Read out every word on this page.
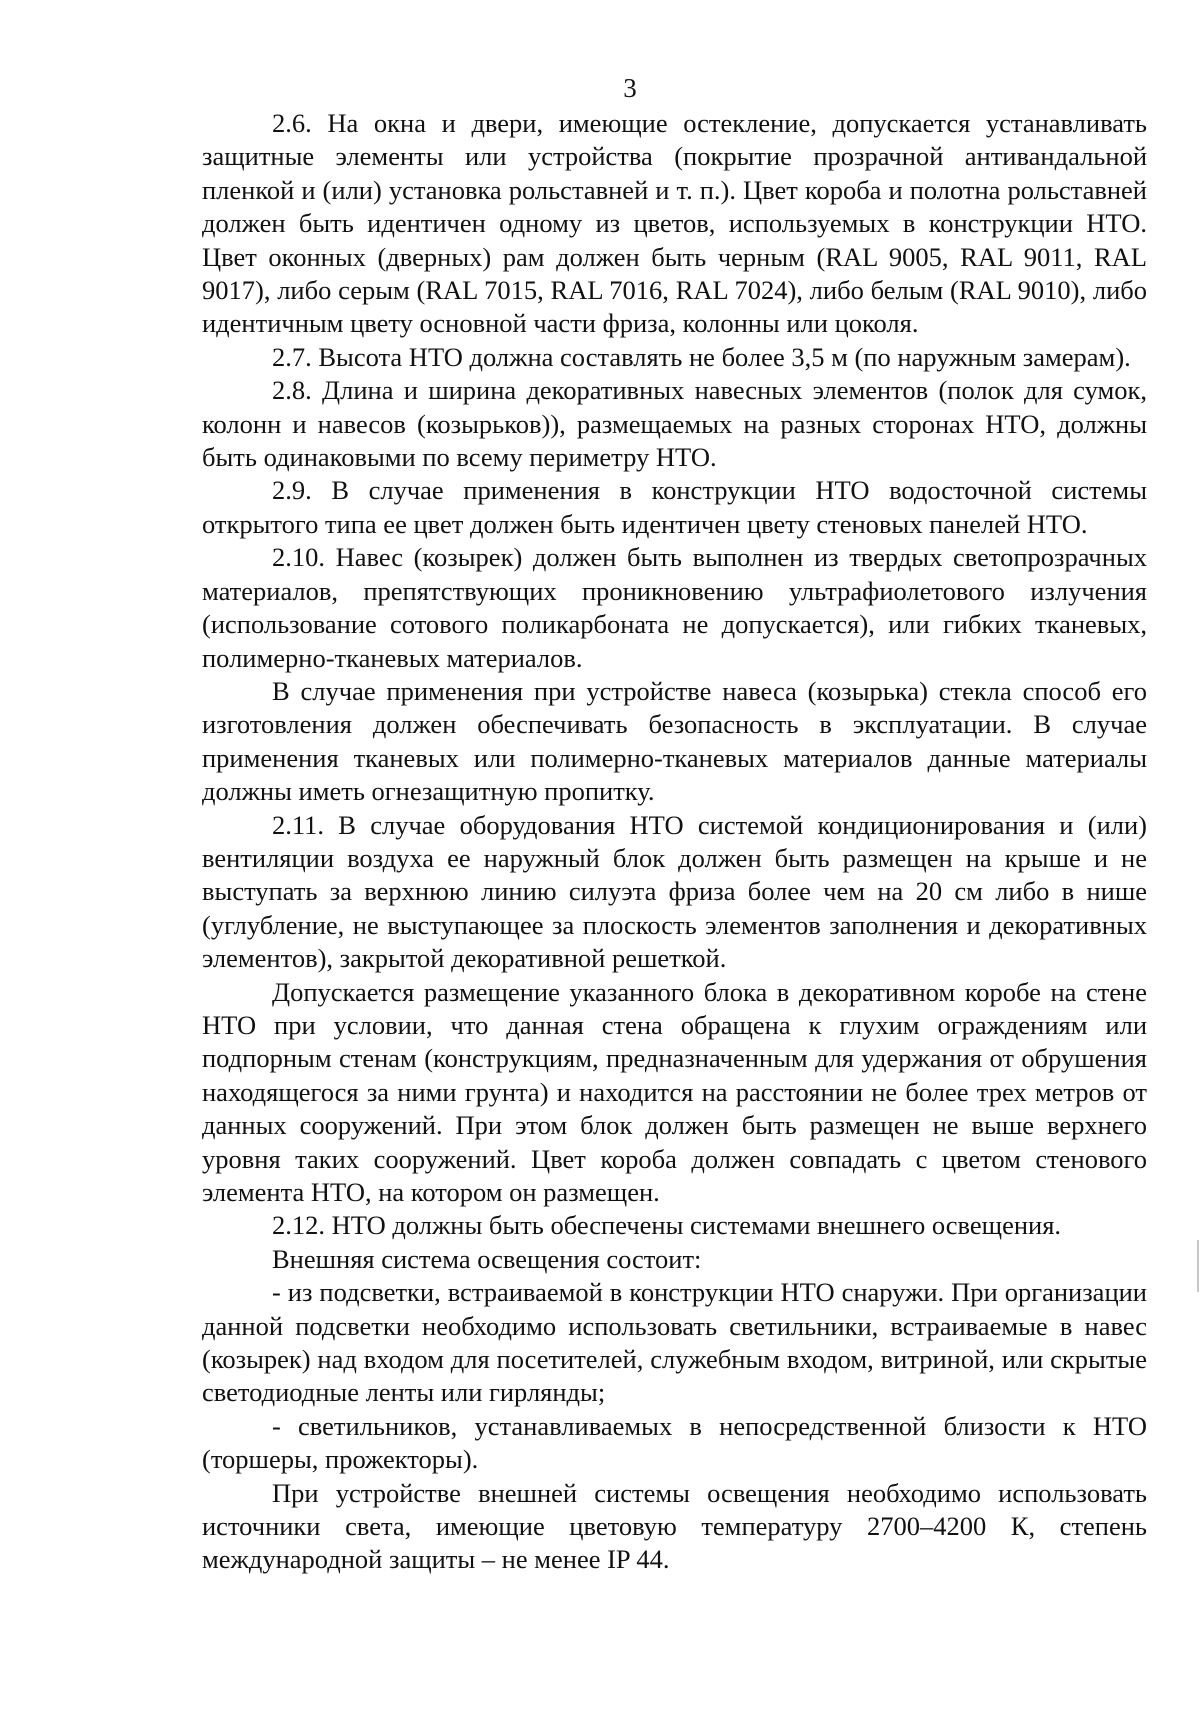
3

2.6. На окна и двери, имеющие остекление, допускается устанавливать защитные элементы или устройства (покрытие прозрачной антивандальной пленкой и (или) установка рольставней и т. п.). Цвет короба и полотна рольставней должен быть идентичен одному из цветов, используемых в конструкции НТО. Цвет оконных (дверных) рам должен быть черным (RAL 9005, RAL 9011, RAL 9017), либо серым (RAL 7015, RAL 7016, RAL 7024), либо белым (RAL 9010), либо идентичным цвету основной части фриза, колонны или цоколя.

2.7. Высота НТО должна составлять не более 3,5 м (по наружным замерам).

2.8. Длина и ширина декоративных навесных элементов (полок для сумок, колонн и навесов (козырьков)), размещаемых на разных сторонах НТО, должны быть одинаковыми по всему периметру НТО.

2.9. В случае применения в конструкции НТО водосточной системы открытого типа ее цвет должен быть идентичен цвету стеновых панелей НТО.

2.10. Навес (козырек) должен быть выполнен из твердых светопрозрачных материалов, препятствующих проникновению ультрафиолетового излучения (использование сотового поликарбоната не допускается), или гибких тканевых, полимерно-тканевых материалов.

В случае применения при устройстве навеса (козырька) стекла способ его изготовления должен обеспечивать безопасность в эксплуатации. В случае применения тканевых или полимерно-тканевых материалов данные материалы должны иметь огнезащитную пропитку.

2.11. В случае оборудования НТО системой кондиционирования и (или) вентиляции воздуха ее наружный блок должен быть размещен на крыше и не выступать за верхнюю линию силуэта фриза более чем на 20 см либо в нише (углубление, не выступающее за плоскость элементов заполнения и декоративных элементов), закрытой декоративной решеткой.

Допускается размещение указанного блока в декоративном коробе на стене НТО при условии, что данная стена обращена к глухим ограждениям или подпорным стенам (конструкциям, предназначенным для удержания от обрушения находящегося за ними грунта) и находится на расстоянии не более трех метров от данных сооружений. При этом блок должен быть размещен не выше верхнего уровня таких сооружений. Цвет короба должен совпадать с цветом стенового элемента НТО, на котором он размещен.

2.12. НТО должны быть обеспечены системами внешнего освещения.

Внешняя система освещения состоит:

- из подсветки, встраиваемой в конструкции НТО снаружи. При организации данной подсветки необходимо использовать светильники, встраиваемые в навес (козырек) над входом для посетителей, служебным входом, витриной, или скрытые светодиодные ленты или гирлянды;

- светильников, устанавливаемых в непосредственной близости к НТО (торшеры, прожекторы).

При устройстве внешней системы освещения необходимо использовать источники света, имеющие цветовую температуру 2700–4200 К, степень международной защиты – не менее IP 44.
